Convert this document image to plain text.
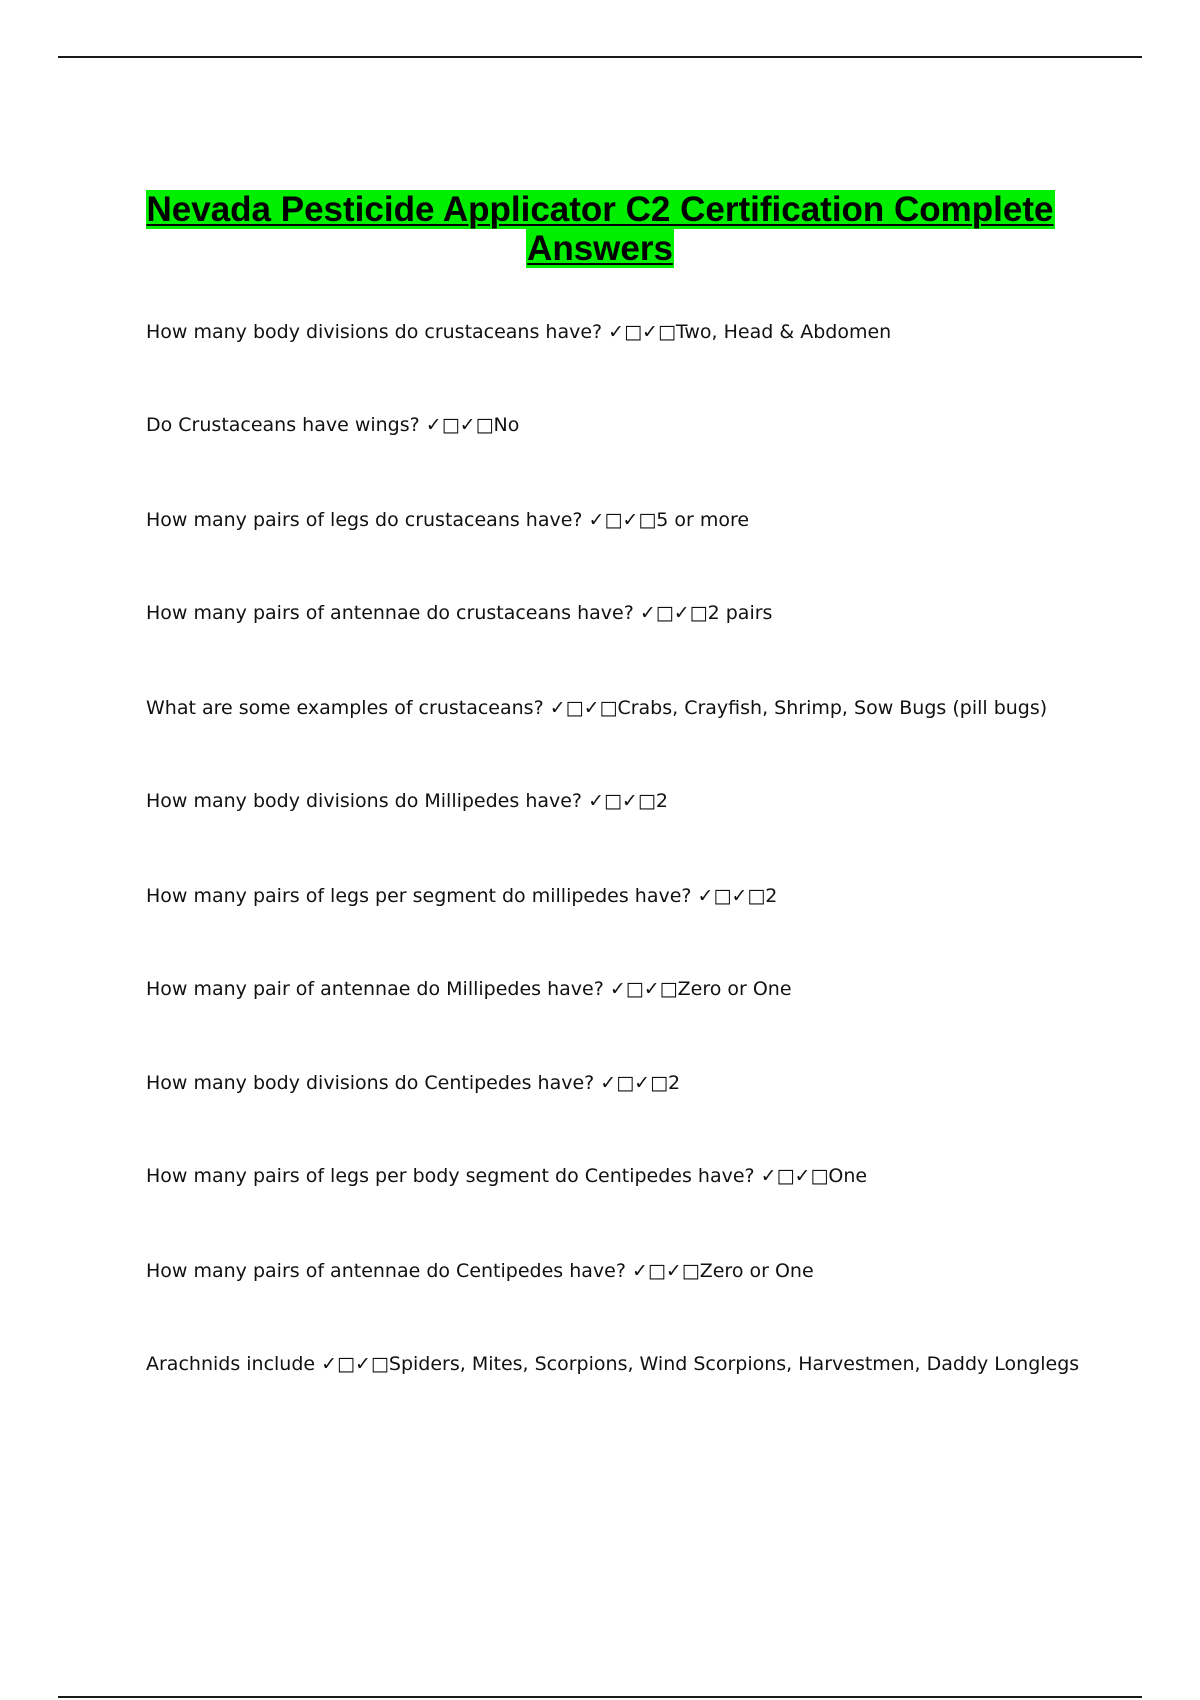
Nevada Pesticide Applicator C2 Certification Complete
Answers

How many body divisions do crustaceans have? ✓□✓□Two, Head & Abdomen

Do Crustaceans have wings? ✓□✓□No

How many pairs of legs do crustaceans have? ✓□✓□5 or more

How many pairs of antennae do crustaceans have? ✓□✓□2 pairs

What are some examples of crustaceans? ✓□✓□Crabs, Crayfish, Shrimp, Sow Bugs (pill bugs)

How many body divisions do Millipedes have? ✓□✓□2

How many pairs of legs per segment do millipedes have? ✓□✓□2

How many pair of antennae do Millipedes have? ✓□✓□Zero or One

How many body divisions do Centipedes have? ✓□✓□2

How many pairs of legs per body segment do Centipedes have? ✓□✓□One

How many pairs of antennae do Centipedes have? ✓□✓□Zero or One

Arachnids include ✓□✓□Spiders, Mites, Scorpions, Wind Scorpions, Harvestmen, Daddy Longlegs
